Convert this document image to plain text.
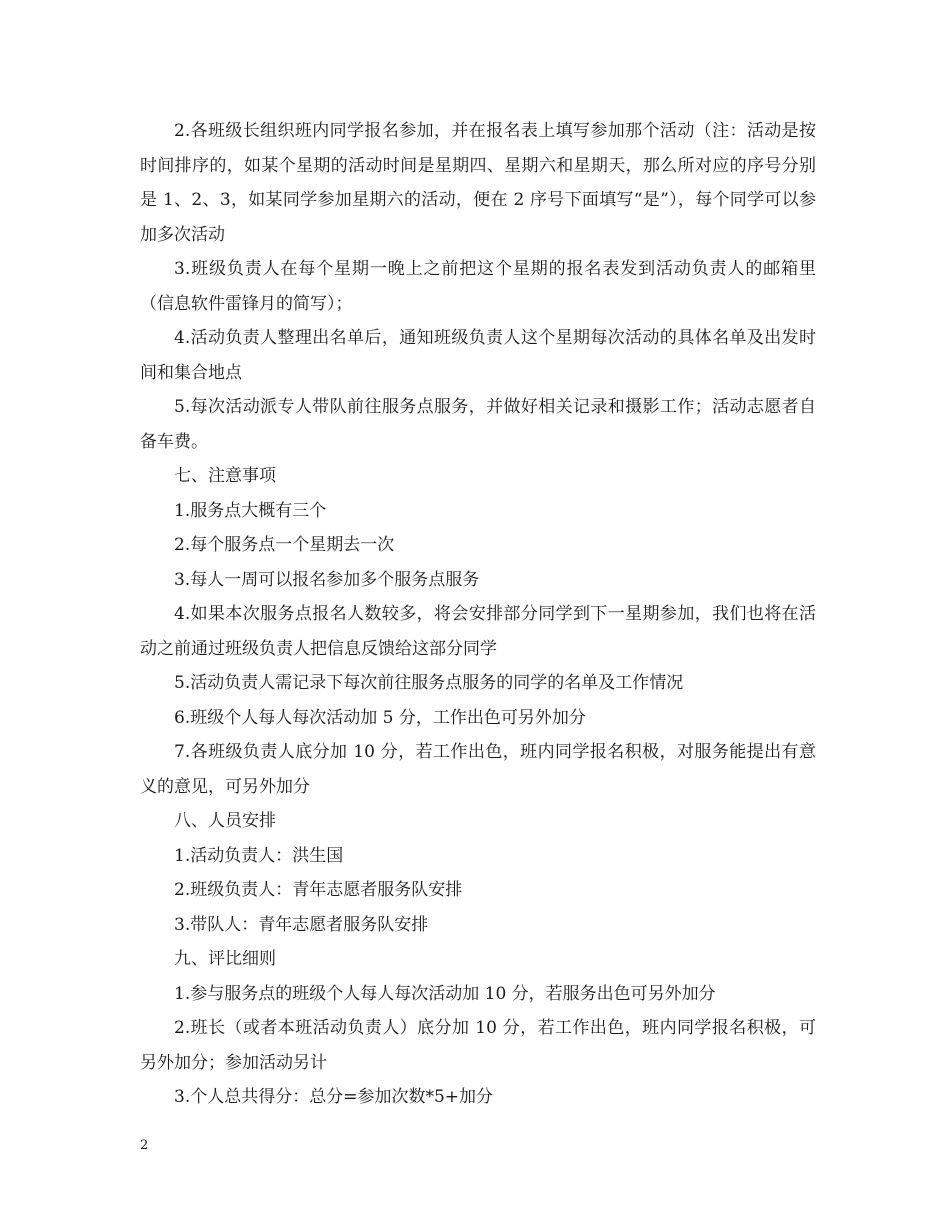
2.各班级长组织班内同学报名参加，并在报名表上填写参加那个活动（注：活动是按时间排序的，如某个星期的活动时间是星期四、星期六和星期天，那么所对应的序号分别是 1、2、3，如某同学参加星期六的活动，便在 2 序号下面填写“是”），每个同学可以参加多次活动

3.班级负责人在每个星期一晚上之前把这个星期的报名表发到活动负责人的邮箱里（信息软件雷锋月的简写）；

4.活动负责人整理出名单后，通知班级负责人这个星期每次活动的具体名单及出发时间和集合地点

5.每次活动派专人带队前往服务点服务，并做好相关记录和摄影工作；活动志愿者自备车费。

七、注意事项

1.服务点大概有三个

2.每个服务点一个星期去一次

3.每人一周可以报名参加多个服务点服务

4.如果本次服务点报名人数较多，将会安排部分同学到下一星期参加，我们也将在活动之前通过班级负责人把信息反馈给这部分同学

5.活动负责人需记录下每次前往服务点服务的同学的名单及工作情况

6.班级个人每人每次活动加 5 分，工作出色可另外加分

7.各班级负责人底分加 10 分，若工作出色，班内同学报名积极，对服务能提出有意义的意见，可另外加分

八、人员安排

1.活动负责人：洪生国

2.班级负责人：青年志愿者服务队安排

3.带队人：青年志愿者服务队安排

九、评比细则

1.参与服务点的班级个人每人每次活动加 10 分，若服务出色可另外加分

2.班长（或者本班活动负责人）底分加 10 分，若工作出色，班内同学报名积极，可另外加分；参加活动另计

3.个人总共得分：总分=参加次数*5+加分

2
